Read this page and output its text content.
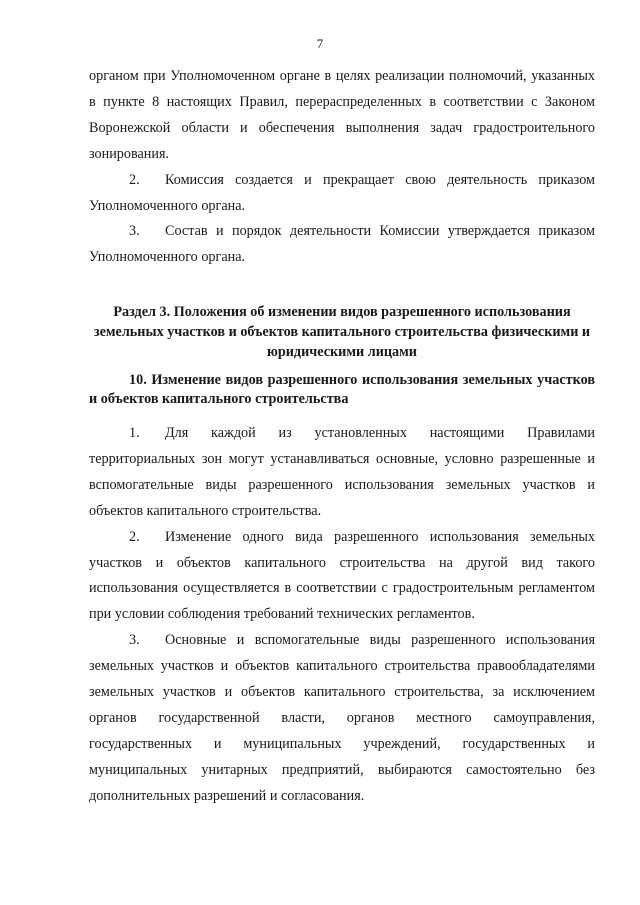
7

органом при Уполномоченном органе в целях реализации полномочий, указанных в пункте 8 настоящих Правил, перераспределенных в соответствии с Законом Воронежской области и обеспечения выполнения задач градостроительного зонирования.

2. Комиссия создается и прекращает свою деятельность приказом Уполномоченного органа.

3. Состав и порядок деятельности Комиссии утверждается приказом Уполномоченного органа.

Раздел 3. Положения об изменении видов разрешенного использования земельных участков и объектов капитального строительства физическими и юридическими лицами
10. Изменение видов разрешенного использования земельных участков и объектов капитального строительства

1. Для каждой из установленных настоящими Правилами территориальных зон могут устанавливаться основные, условно разрешенные и вспомогательные виды разрешенного использования земельных участков и объектов капитального строительства.

2. Изменение одного вида разрешенного использования земельных участков и объектов капитального строительства на другой вид такого использования осуществляется в соответствии с градостроительным регламентом при условии соблюдения требований технических регламентов.

3. Основные и вспомогательные виды разрешенного использования земельных участков и объектов капитального строительства правообладателями земельных участков и объектов капитального строительства, за исключением органов государственной власти, органов местного самоуправления, государственных и муниципальных учреждений, государственных и муниципальных унитарных предприятий, выбираются самостоятельно без дополнительных разрешений и согласования.
